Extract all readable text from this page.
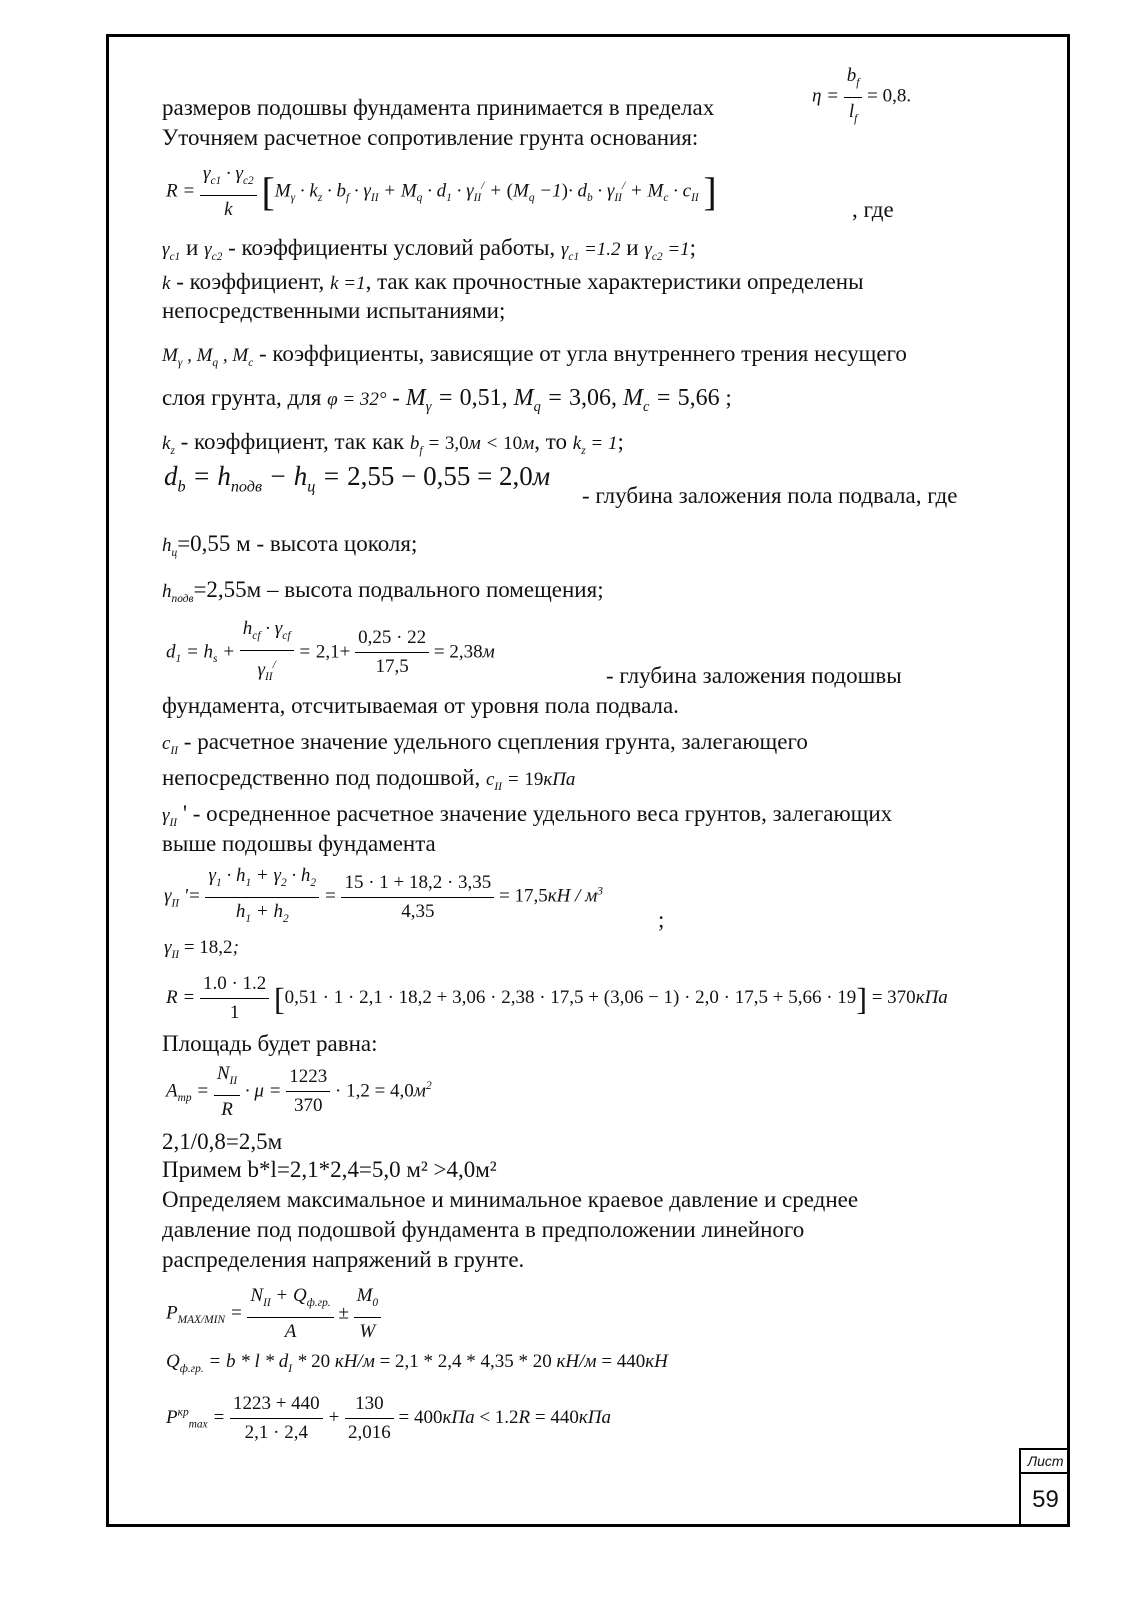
$\eta = \frac{b_f}{l_f} = 0,8$.
размеров подошвы фундамента принимается в пределах
Уточняем расчетное сопротивление грунта основания:
$R = \frac{\gamma_{c1} \cdot \gamma_{c2}}{k} [M_\gamma \cdot k_z \cdot b_f \cdot \gamma_{II} + M_q \cdot d_1 \cdot \gamma_{II}^/ + (M_q -1)\cdot d_b \cdot \gamma_{II}^/ + M_c \cdot c_{II}$ ]	, где
$\gamma_{c1}$ и $\gamma_{c2}$ - коэффициенты условий работы, $\gamma_{c1} =1.2$ и $\gamma_{c2} =1$;
k - коэффициент, k =1, так как прочностные характеристики определены
непосредственными испытаниями;
$M_\gamma$ , $M_q$ , $M_c$ - коэффициенты, зависящие от угла внутреннего трения несущего
слоя грунта, для $\varphi = 32^\circ - M_\gamma = 0,51$, $M_q = 3,06$, $M_c = 5,66$ ;
$k_z$ - коэффициент, так как $b_f = 3,0м < 10м$, то $k_z = 1$;
$d_b = h_{подв} - h_ц = 2,55 - 0,55 = 2,0м$
- глубина заложения пола подвала, где
$h_ц=0,55$ м - высота цоколя;
$h_{подв}=2,55м$ – высота подвального помещения;
$d_1 = h_s$ +
$h_{cf} \cdot \gamma_{cf}$
$\gamma_{II}^/$
= $2,1+ \frac{0,25 \cdot 22}{17,5} = 2,38м$
- глубина заложения подошвы
фундамента, отсчитываемая от уровня пола подвала.
$c_{II}$ - расчетное значение удельного сцепления грунта, залегающего
непосредственно под подошвой, $c_{II} = 19кПа$
$\gamma_{II}$ ' - осредненное расчетное значение удельного веса грунтов, залегающих
выше подошвы фундамента
$\gamma_{II}$ '= $\frac{\gamma_1 \cdot h_1 + \gamma_2 \cdot h_2}{h_1 + h_2} = \frac{15 \cdot 1 + 18,2 \cdot 3,35}{4,35} = 17,5кН / м^3$
;
$\gamma_{II} = 18,2$;
$R = \frac{1.0 \cdot 1.2}{1} [0,51 \cdot 1 \cdot 2,1 \cdot 18,2 + 3,06 \cdot 2,38 \cdot 17,5 + (3,06 - 1) \cdot 2,0 \cdot 17,5 + 5,66 \cdot 19] = 370кПа$
Площадь будет равна:
$A_{тр}$ =
$N_{II}$
R
· $\mu = \frac{1223}{370} \cdot 1,2 = 4,0м^2$
2,1/0,8=2,5м
Примем b*l=2,1*2,4=5,0 м² >4,0м²
Определяем максимальное и минимальное краевое давление и среднее
давление под подошвой фундамента в предположении линейного
распределения напряжений в грунте.
$P_{MAX/MIN}$ =
$N_{II} + Q_{ф.гр.}$
A
± $\frac{M_0}{W}$
$Q_{ф.гр.} = b * l * d_I * 20$ кН/м = 2,1 * 2,4 * 4,35 * 20 кН/м = 440кН
$P^{кр}_{max} = \frac{1223 + 440}{2,1 \cdot 2,4} + \frac{130}{2,016} = 400кПа < 1.2R = 440кПа$
Лист
59
